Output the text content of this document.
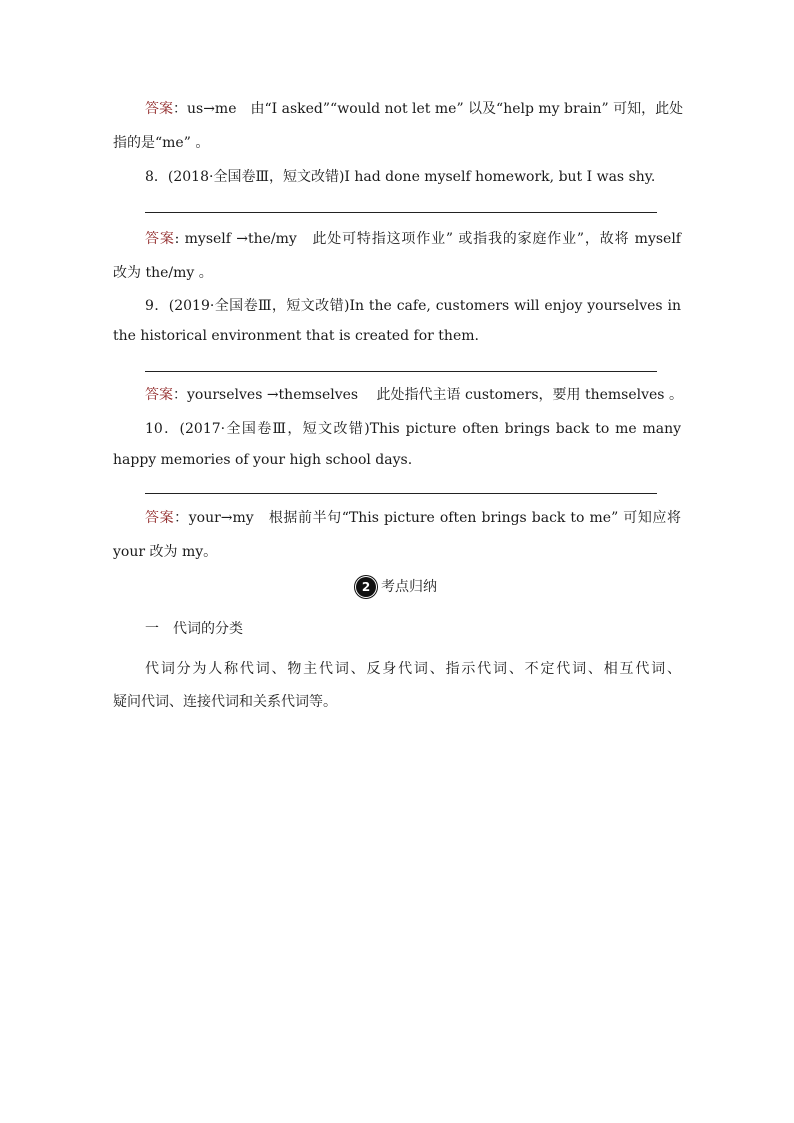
答案：us→me　由“I asked”“would not let me” 以及“help my brain” 可知，此处
指的是“me” 。
8．(2018·全国卷Ⅲ，短文改错)I had done myself homework, but I was shy.
答案: myself →the/my　此处可特指这项作业” 或指我的家庭作业”，故将 myself
改为 the/my 。
9．(2019·全国卷Ⅲ，短文改错)In the cafe, customers will enjoy yourselves in
the historical environment that is created for them.
答案：yourselves →themselves　 此处指代主语 customers，要用 themselves 。
10．(2017·全国卷Ⅲ，短文改错)This picture often brings back to me many
happy memories of your high school days.
答案：your→my　根据前半句“This picture often brings back to me” 可知应将
your 改为 my。
2 考点归纳
一 代词的分类
代词分为人称代词、物主代词、反身代词、指示代词、不定代词、相互代词、
疑问代词、连接代词和关系代词等。
